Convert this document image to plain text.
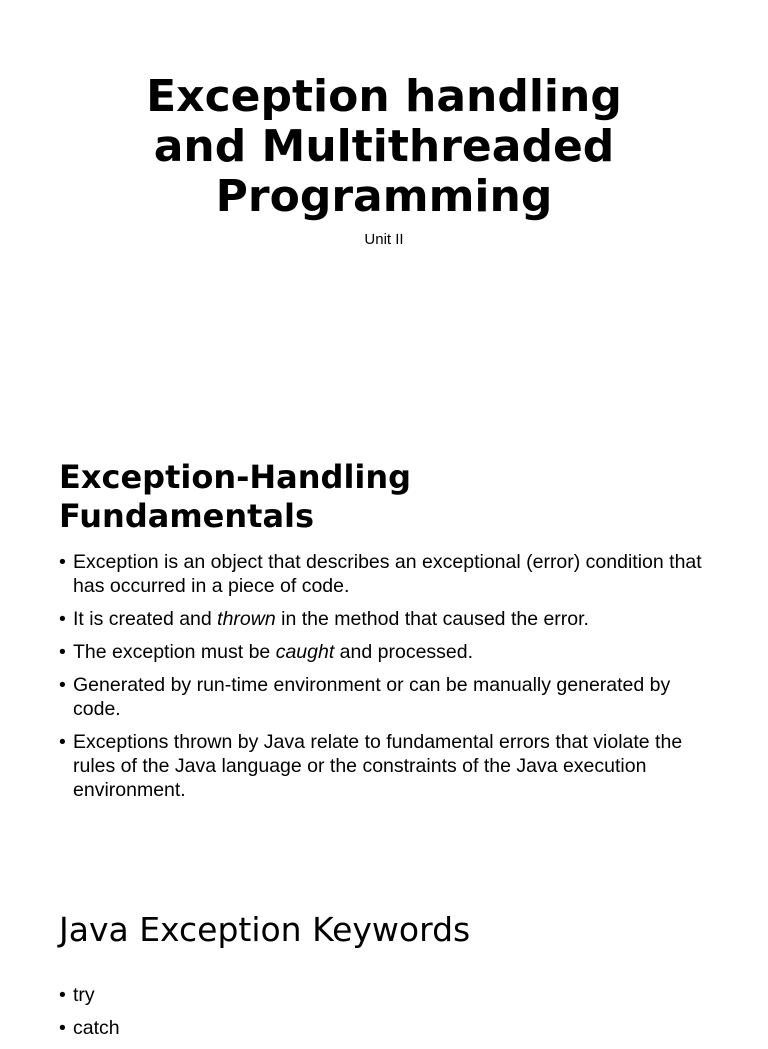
Exception handling
and Multithreaded
Programming

Unit II

Exception-Handling
Fundamentals
• Exception is an object that describes an exceptional (error) condition that has occurred in a piece of code.
• It is created and thrown in the method that caused the error.
• The exception must be caught and processed.
• Generated by run-time environment or can be manually generated by code.
• Exceptions thrown by Java relate to fundamental errors that violate the rules of the Java language or the constraints of the Java execution environment.
Java Exception Keywords
• try
• catch
